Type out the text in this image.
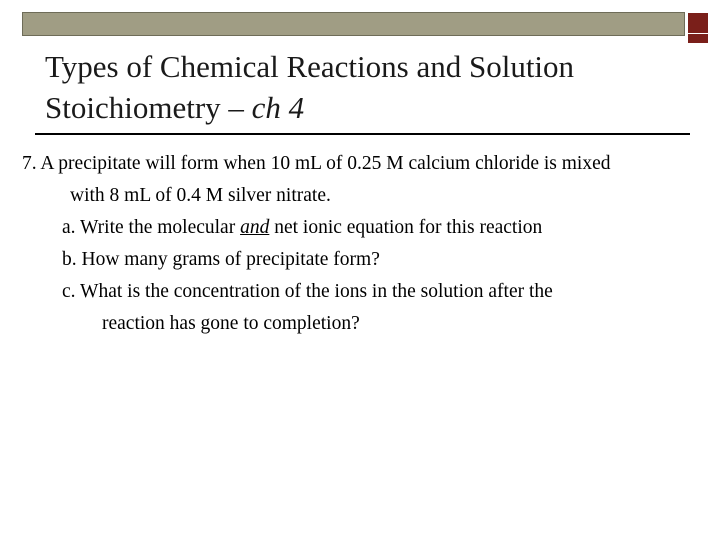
Types of Chemical Reactions and Solution
Stoichiometry – ch 4
7. A precipitate will form when 10 mL of 0.25 M calcium chloride is mixed
with 8 mL of 0.4 M silver nitrate.
a. Write the molecular and net ionic equation for this reaction
b. How many grams of precipitate form?
c. What is the concentration of the ions in the solution after the
reaction has gone to completion?
